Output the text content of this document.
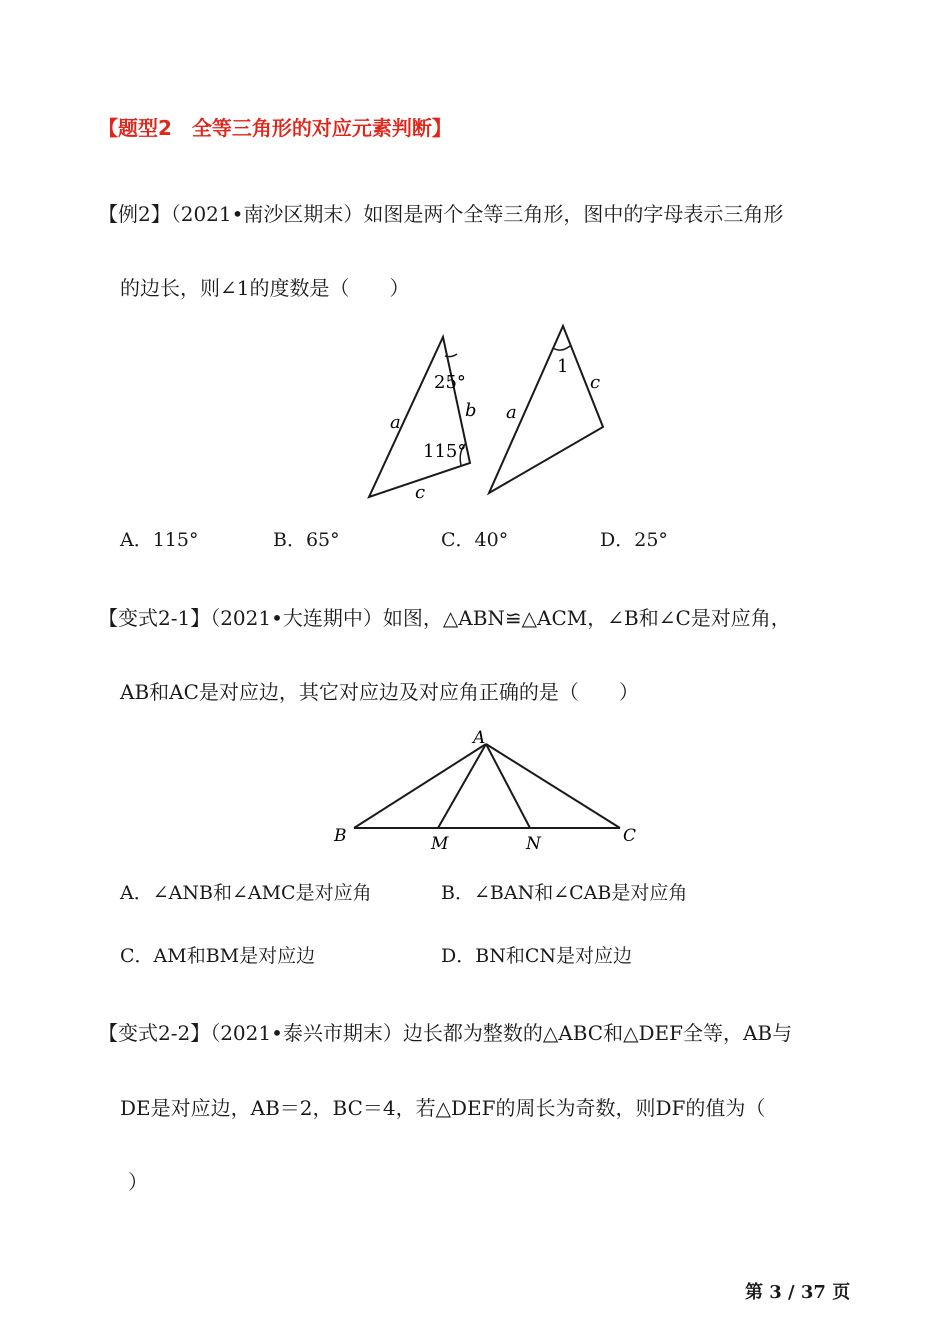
【题型2　全等三角形的对应元素判断】
【例2】（2021•南沙区期末）如图是两个全等三角形，图中的字母表示三角形
的边长，则∠1的度数是（　　）
25°
115°
a
b
c
1
a
c
A．115°	B．65°	C．40°	D．25°
【变式2-1】（2021•大连期中）如图，△ABN≌△ACM，∠B和∠C是对应角，
AB和AC是对应边，其它对应边及对应角正确的是（　　）
A
B	M	N	C
A．∠ANB和∠AMC是对应角	B．∠BAN和∠CAB是对应角
C．AM和BM是对应边	D．BN和CN是对应边
【变式2-2】（2021•泰兴市期末）边长都为整数的△ABC和△DEF全等，AB与
DE是对应边，AB＝2，BC＝4，若△DEF的周长为奇数，则DF的值为（
）
第 3 / 37 页
